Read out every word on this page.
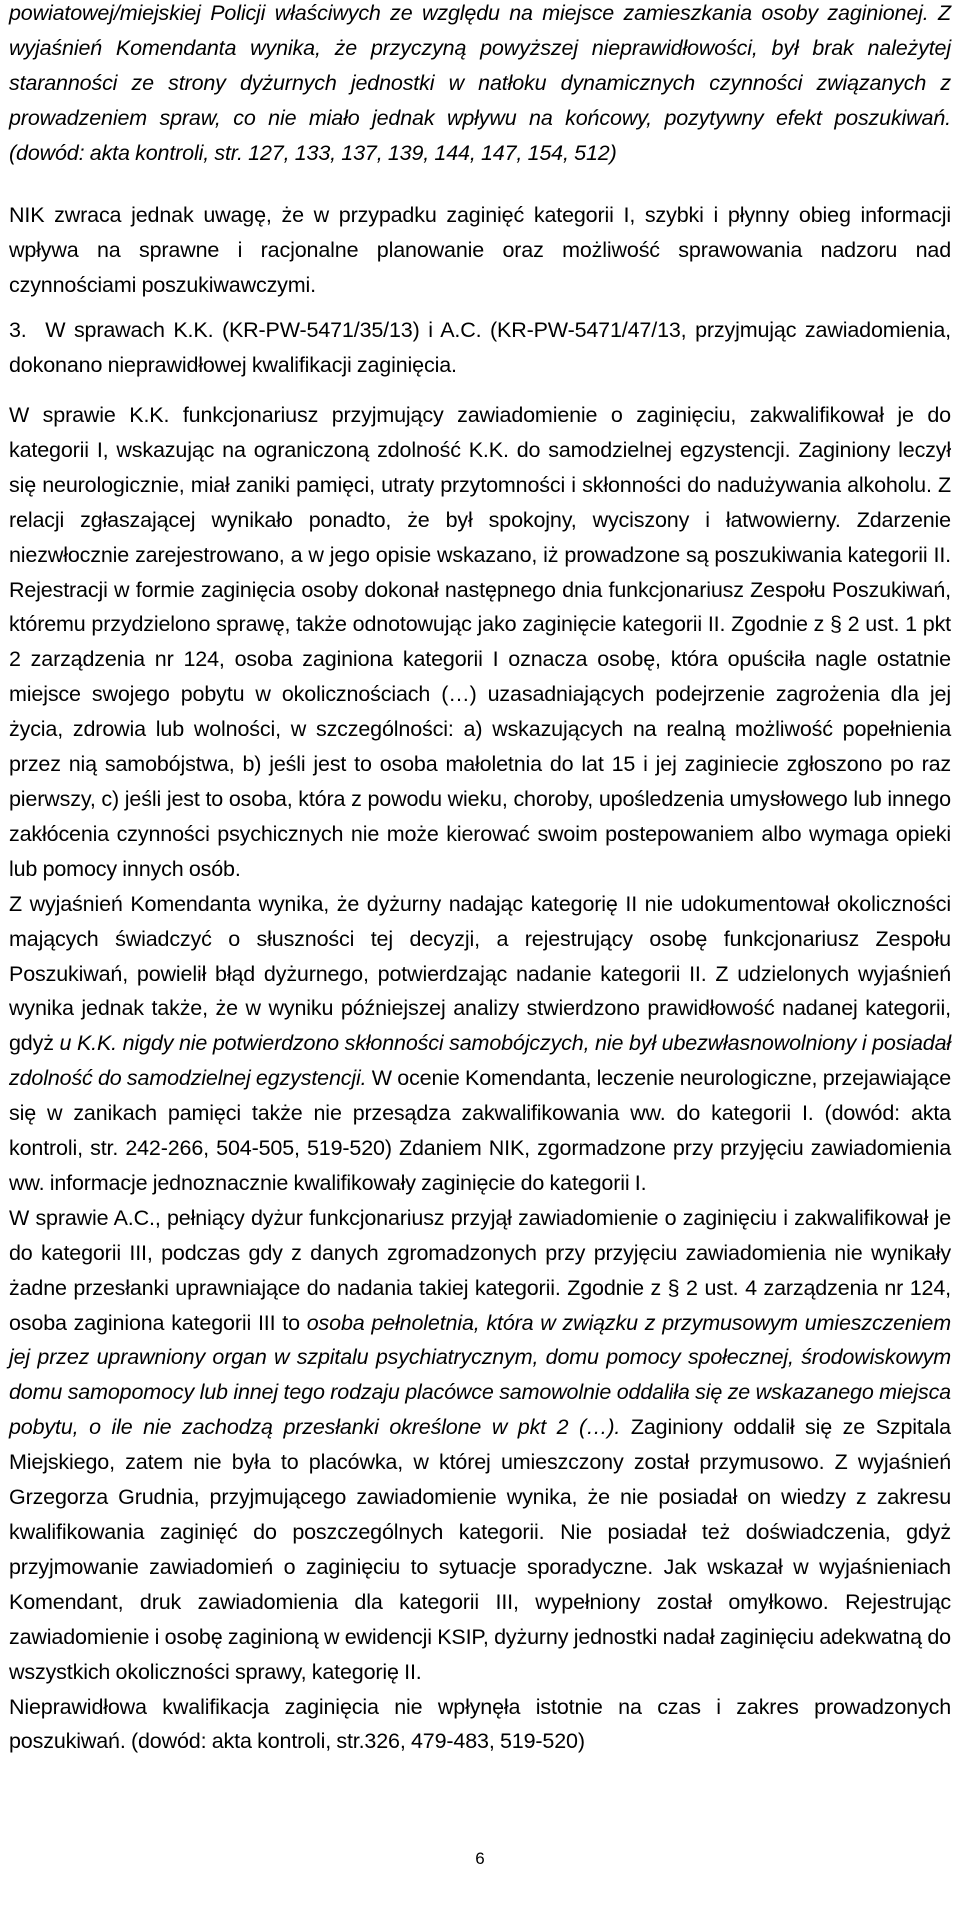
powiatowej/miejskiej Policji właściwych ze względu na miejsce zamieszkania osoby zaginionej. Z wyjaśnień Komendanta wynika, że przyczyną powyższej nieprawidłowości, był brak należytej staranności ze strony dyżurnych jednostki w natłoku dynamicznych czynności związanych z prowadzeniem spraw, co nie miało jednak wpływu na końcowy, pozytywny efekt poszukiwań. (dowód: akta kontroli, str. 127, 133, 137, 139, 144, 147, 154, 512)

NIK zwraca jednak uwagę, że w przypadku zaginięć kategorii I, szybki i płynny obieg informacji wpływa na sprawne i racjonalne planowanie oraz możliwość sprawowania nadzoru nad czynnościami poszukiwawczymi.

3. W sprawach K.K. (KR-PW-5471/35/13) i A.C. (KR-PW-5471/47/13, przyjmując zawiadomienia, dokonano nieprawidłowej kwalifikacji zaginięcia.

W sprawie K.K. funkcjonariusz przyjmujący zawiadomienie o zaginięciu, zakwalifikował je do kategorii I, wskazując na ograniczoną zdolność K.K. do samodzielnej egzystencji. Zaginiony leczył się neurologicznie, miał zaniki pamięci, utraty przytomności i skłonności do nadużywania alkoholu. Z relacji zgłaszającej wynikało ponadto, że był spokojny, wyciszony i łatwowierny. Zdarzenie niezwłocznie zarejestrowano, a w jego opisie wskazano, iż prowadzone są poszukiwania kategorii II. Rejestracji w formie zaginięcia osoby dokonał następnego dnia funkcjonariusz Zespołu Poszukiwań, któremu przydzielono sprawę, także odnotowując jako zaginięcie kategorii II. Zgodnie z § 2 ust. 1 pkt 2 zarządzenia nr 124, osoba zaginiona kategorii I oznacza osobę, która opuściła nagle ostatnie miejsce swojego pobytu w okolicznościach (…) uzasadniających podejrzenie zagrożenia dla jej życia, zdrowia lub wolności, w szczególności: a) wskazujących na realną możliwość popełnienia przez nią samobójstwa, b) jeśli jest to osoba małoletnia do lat 15 i jej zaginiecie zgłoszono po raz pierwszy, c) jeśli jest to osoba, która z powodu wieku, choroby, upośledzenia umysłowego lub innego zakłócenia czynności psychicznych nie może kierować swoim postepowaniem albo wymaga opieki lub pomocy innych osób.

Z wyjaśnień Komendanta wynika, że dyżurny nadając kategorię II nie udokumentował okoliczności mających świadczyć o słuszności tej decyzji, a rejestrujący osobę funkcjonariusz Zespołu Poszukiwań, powielił błąd dyżurnego, potwierdzając nadanie kategorii II. Z udzielonych wyjaśnień wynika jednak także, że w wyniku późniejszej analizy stwierdzono prawidłowość nadanej kategorii, gdyż u K.K. nigdy nie potwierdzono skłonności samobójczych, nie był ubezwłasnowolniony i posiadał zdolność do samodzielnej egzystencji. W ocenie Komendanta, leczenie neurologiczne, przejawiające się w zanikach pamięci także nie przesądza zakwalifikowania ww. do kategorii I. (dowód: akta kontroli, str. 242-266, 504-505, 519-520) Zdaniem NIK, zgormadzone przy przyjęciu zawiadomienia ww. informacje jednoznacznie kwalifikowały zaginięcie do kategorii I.

W sprawie A.C., pełniący dyżur funkcjonariusz przyjął zawiadomienie o zaginięciu i zakwalifikował je do kategorii III, podczas gdy z danych zgromadzonych przy przyjęciu zawiadomienia nie wynikały żadne przesłanki uprawniające do nadania takiej kategorii. Zgodnie z § 2 ust. 4 zarządzenia nr 124, osoba zaginiona kategorii III to osoba pełnoletnia, która w związku z przymusowym umieszczeniem jej przez uprawniony organ w szpitalu psychiatrycznym, domu pomocy społecznej, środowiskowym domu samopomocy lub innej tego rodzaju placówce samowolnie oddaliła się ze wskazanego miejsca pobytu, o ile nie zachodzą przesłanki określone w pkt 2 (…). Zaginiony oddalił się ze Szpitala Miejskiego, zatem nie była to placówka, w której umieszczony został przymusowo. Z wyjaśnień Grzegorza Grudnia, przyjmującego zawiadomienie wynika, że nie posiadał on wiedzy z zakresu kwalifikowania zaginięć do poszczególnych kategorii. Nie posiadał też doświadczenia, gdyż przyjmowanie zawiadomień o zaginięciu to sytuacje sporadyczne. Jak wskazał w wyjaśnieniach Komendant, druk zawiadomienia dla kategorii III, wypełniony został omyłkowo. Rejestrując zawiadomienie i osobę zaginioną w ewidencji KSIP, dyżurny jednostki nadał zaginięciu adekwatną do wszystkich okoliczności sprawy, kategorię II.

Nieprawidłowa kwalifikacja zaginięcia nie wpłynęła istotnie na czas i zakres prowadzonych poszukiwań. (dowód: akta kontroli, str.326, 479-483, 519-520)

6
